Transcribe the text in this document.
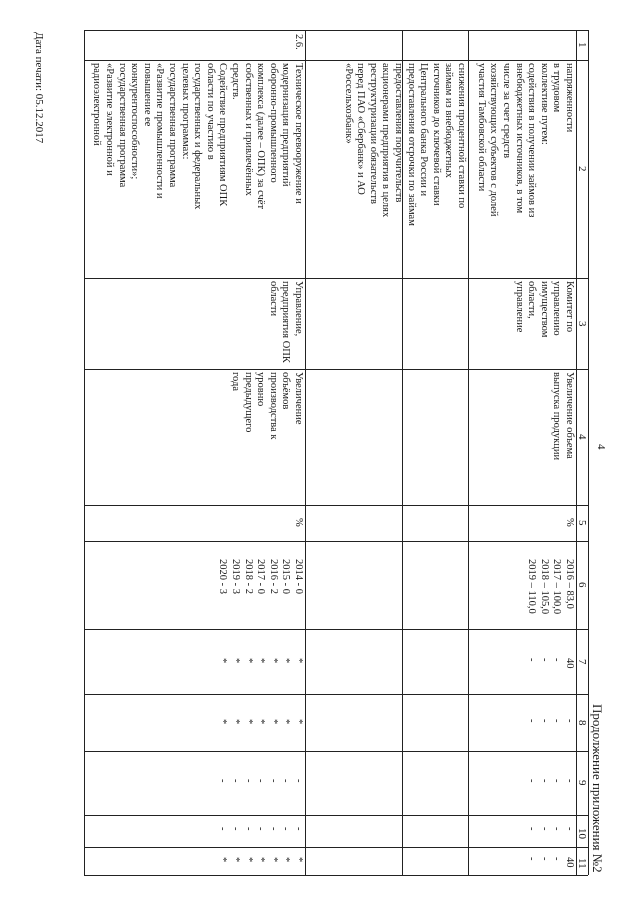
Дата печати: 05.12.2017
4
Продолжение приложения №2
1
2
3
4
5
6
7
8
9
10
11
напряженности
в трудовом
коллективе путем:
содействия в получении займов из
внебюджетных источников, в том
числе за счет средств
хозяйствующих субъектов с долей
участия Тамбовской области
Комитет по
управлению
имуществом
области,
управление
Увеличение объема
выпуска продукции
2016 – 83,0
2017 – 100,0
2018 – 105,0
2019 – 110,0
40
-
-
-
-
-
-
-
-
-
-
-
-
-
-
-
40
-
-
-
%
снижения процентной ставки по
займам из внебюджетных
источников до ключевой ставки
Центрального банка России и
предоставления отсрочки по займам
предоставления поручительств
акционерами предприятия в целях
реструктуризации обязательств
перед ПАО «Сбербанк» и АО
«Россельхозбанк»
2.6.
Техническое перевооружение и
модернизация предприятий
оборонно-промышленного
комплекса (далее – ОПК) за счёт
собственных и привлечённых
средств.
Содействие предприятиям ОПК
области по участию в
государственных и федеральных
целевых программах:
государственная программа
«Развитие промышленности и
повышение ее
конкурентоспособности»;
государственная программа
«Развитие электронной и
радиоэлектронной
Управление,
предприятия ОПК
области
Увеличение
объёмов
производства к
уровню
предыдущего
года
2014 - 0
2015 - 0
2016 - 2
2017 - 0
2018 - 2
2019 - 3
2020 - 3
*
*
*
*
*
*
*
*
*
*
*
*
*
*
-
-
-
-
-
-
-
-
-
-
-
-
-
-
*
*
*
*
*
*
*
%
